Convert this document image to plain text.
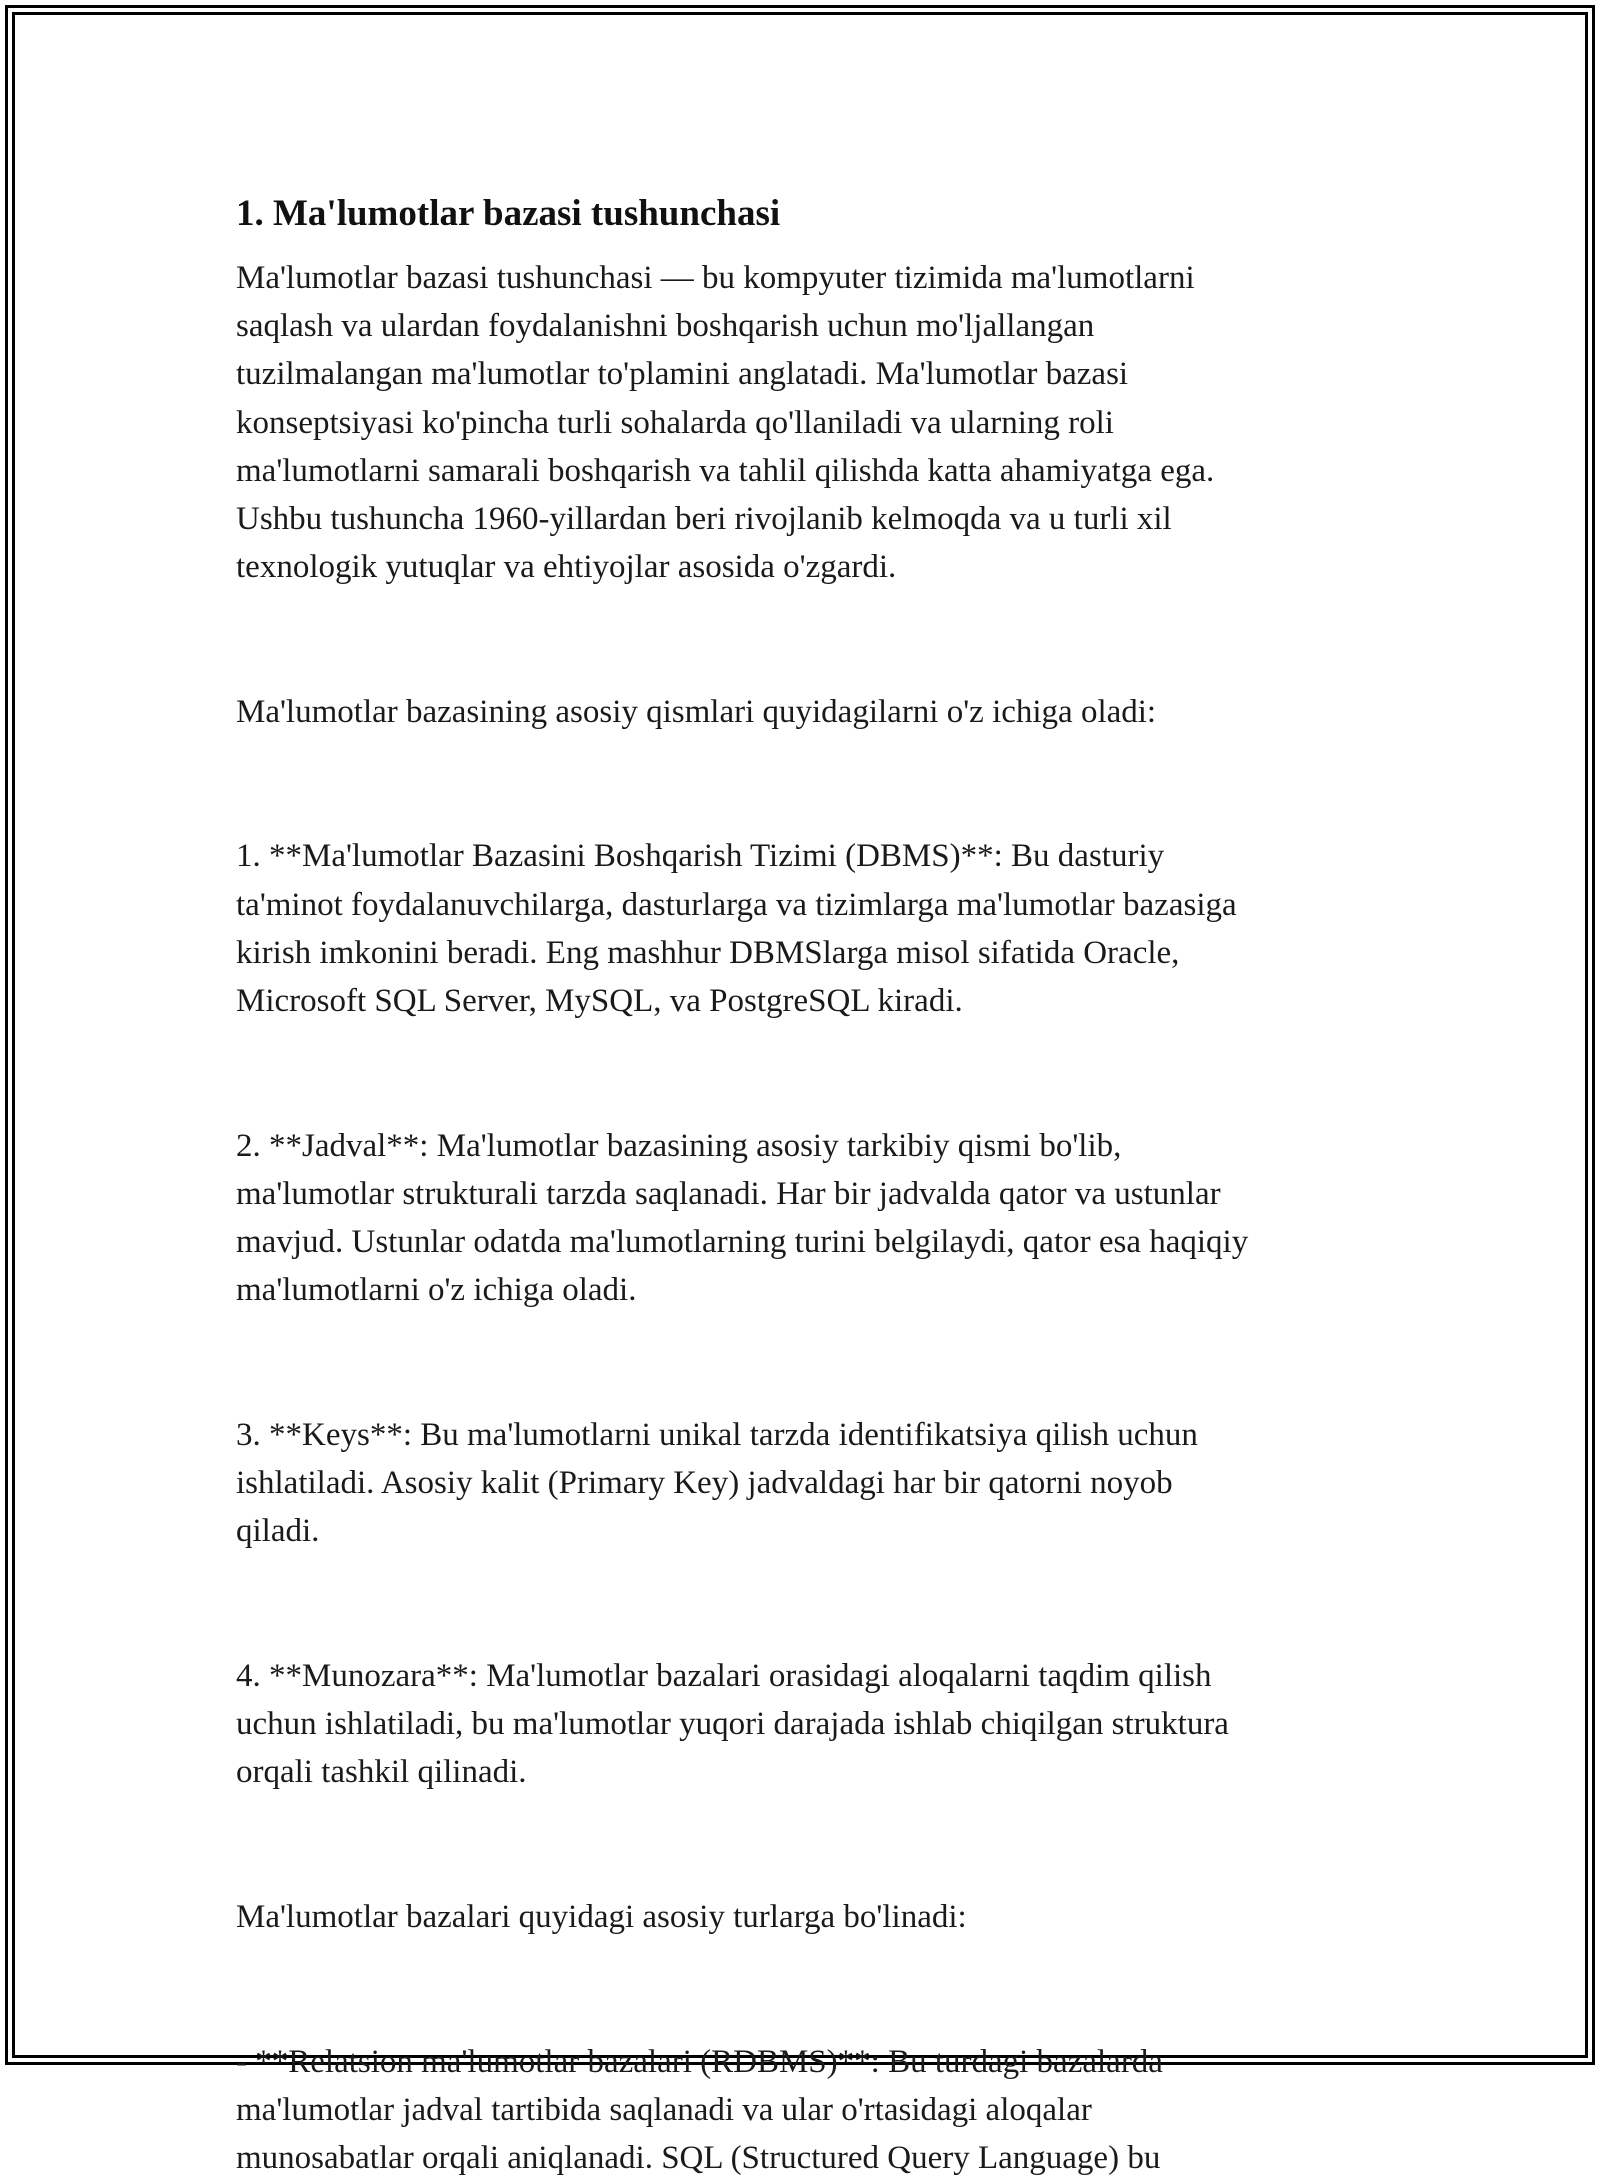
1. Ma'lumotlar bazasi tushunchasi
Ma'lumotlar bazasi tushunchasi — bu kompyuter tizimida ma'lumotlarni
saqlash va ulardan foydalanishni boshqarish uchun mo'ljallangan
tuzilmalangan ma'lumotlar to'plamini anglatadi. Ma'lumotlar bazasi
konseptsiyasi ko'pincha turli sohalarda qo'llaniladi va ularning roli
ma'lumotlarni samarali boshqarish va tahlil qilishda katta ahamiyatga ega.
Ushbu tushuncha 1960-yillardan beri rivojlanib kelmoqda va u turli xil
texnologik yutuqlar va ehtiyojlar asosida o'zgardi.

Ma'lumotlar bazasining asosiy qismlari quyidagilarni o'z ichiga oladi:

1. **Ma'lumotlar Bazasini Boshqarish Tizimi (DBMS)**: Bu dasturiy
ta'minot foydalanuvchilarga, dasturlarga va tizimlarga ma'lumotlar bazasiga
kirish imkonini beradi. Eng mashhur DBMSlarga misol sifatida Oracle,
Microsoft SQL Server, MySQL, va PostgreSQL kiradi.

2. **Jadval**: Ma'lumotlar bazasining asosiy tarkibiy qismi bo'lib,
ma'lumotlar strukturali tarzda saqlanadi. Har bir jadvalda qator va ustunlar
mavjud. Ustunlar odatda ma'lumotlarning turini belgilaydi, qator esa haqiqiy
ma'lumotlarni o'z ichiga oladi.

3. **Keys**: Bu ma'lumotlarni unikal tarzda identifikatsiya qilish uchun
ishlatiladi. Asosiy kalit (Primary Key) jadvaldagi har bir qatorni noyob
qiladi.

4. **Munozara**: Ma'lumotlar bazalari orasidagi aloqalarni taqdim qilish
uchun ishlatiladi, bu ma'lumotlar yuqori darajada ishlab chiqilgan struktura
orqali tashkil qilinadi.

Ma'lumotlar bazalari quyidagi asosiy turlarga bo'linadi:

- **Relatsion ma'lumotlar bazalari (RDBMS)**: Bu turdagi bazalarda
ma'lumotlar jadval tartibida saqlanadi va ular o'rtasidagi aloqalar
munosabatlar orqali aniqlanadi. SQL (Structured Query Language) bu
